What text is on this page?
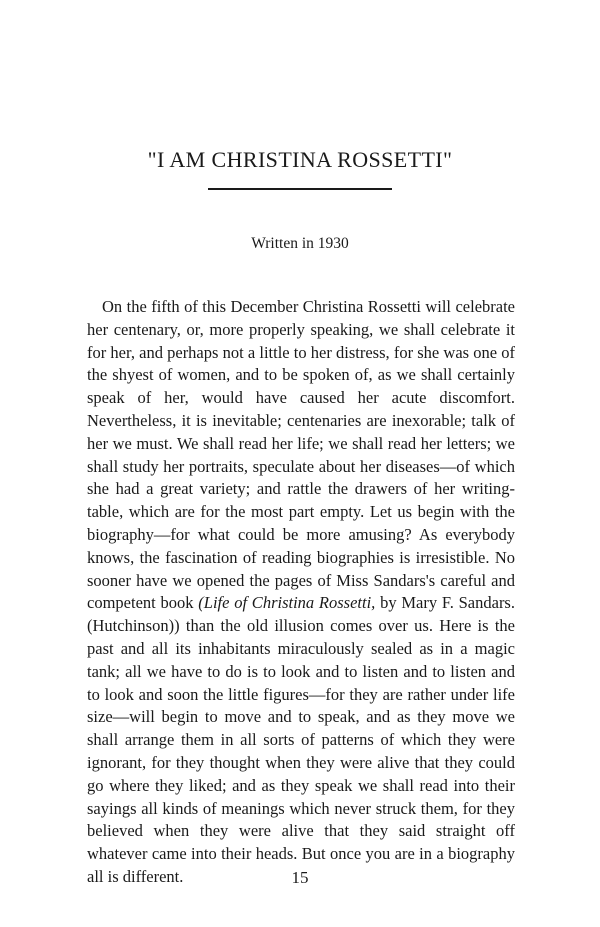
"I AM CHRISTINA ROSSETTI"
Written in 1930

On the fifth of this December Christina Rossetti will celebrate her centenary, or, more properly speaking, we shall celebrate it for her, and perhaps not a little to her distress, for she was one of the shyest of women, and to be spoken of, as we shall certainly speak of her, would have caused her acute discomfort. Nevertheless, it is inevitable; centenaries are inexorable; talk of her we must. We shall read her life; we shall read her letters; we shall study her portraits, speculate about her diseases—of which she had a great variety; and rattle the drawers of her writing-table, which are for the most part empty. Let us begin with the biography—for what could be more amusing? As everybody knows, the fascination of reading biographies is irresistible. No sooner have we opened the pages of Miss Sandars's careful and competent book (Life of Christina Rossetti, by Mary F. Sandars. (Hutchinson)) than the old illusion comes over us. Here is the past and all its inhabitants miraculously sealed as in a magic tank; all we have to do is to look and to listen and to listen and to look and soon the little figures—for they are rather under life size—will begin to move and to speak, and as they move we shall arrange them in all sorts of patterns of which they were ignorant, for they thought when they were alive that they could go where they liked; and as they speak we shall read into their sayings all kinds of meanings which never struck them, for they believed when they were alive that they said straight off whatever came into their heads. But once you are in a biography all is different.	15
